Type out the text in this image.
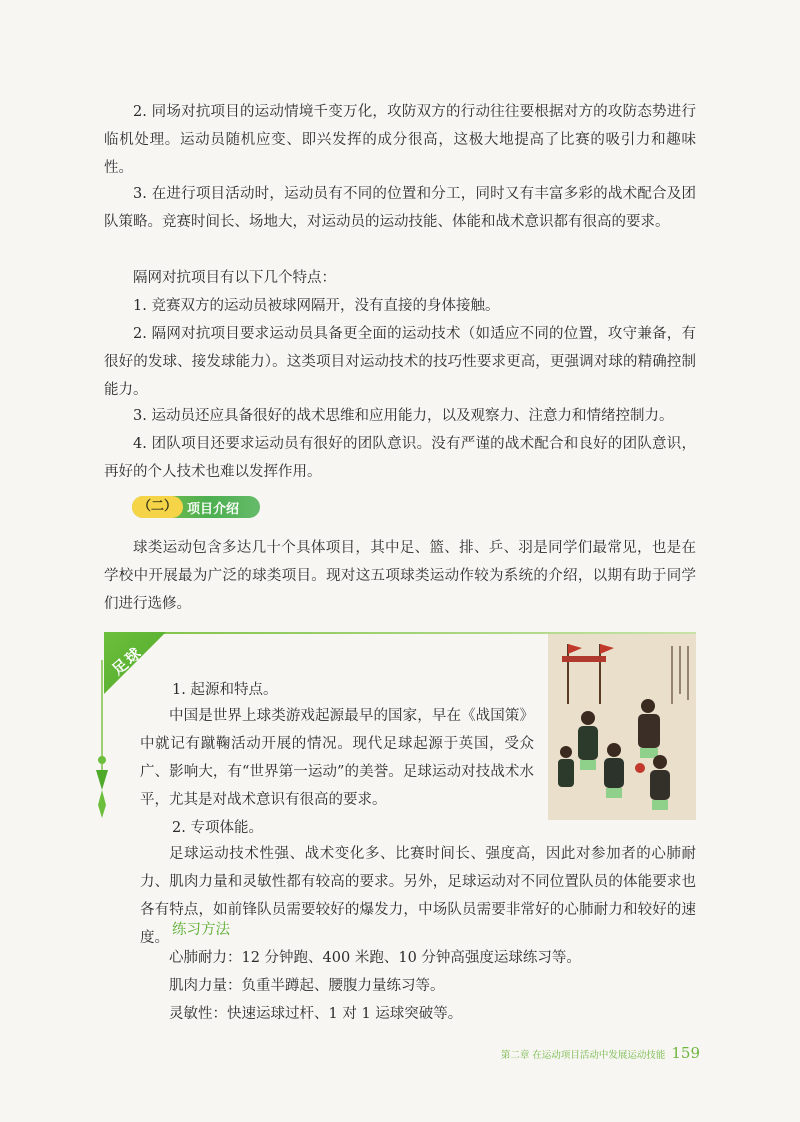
2. 同场对抗项目的运动情境千变万化，攻防双方的行动往往要根据对方的攻防态势进行临机处理。运动员随机应变、即兴发挥的成分很高，这极大地提高了比赛的吸引力和趣味性。

3. 在进行项目活动时，运动员有不同的位置和分工，同时又有丰富多彩的战术配合及团队策略。竞赛时间长、场地大，对运动员的运动技能、体能和战术意识都有很高的要求。

隔网对抗项目有以下几个特点：

1. 竞赛双方的运动员被球网隔开，没有直接的身体接触。

2. 隔网对抗项目要求运动员具备更全面的运动技术（如适应不同的位置，攻守兼备，有很好的发球、接发球能力）。这类项目对运动技术的技巧性要求更高，更强调对球的精确控制能力。

3. 运动员还应具备很好的战术思维和应用能力，以及观察力、注意力和情绪控制力。

4. 团队项目还要求运动员有很好的团队意识。没有严谨的战术配合和良好的团队意识，再好的个人技术也难以发挥作用。

（二） 项目介绍

球类运动包含多达几十个具体项目，其中足、篮、排、乒、羽是同学们最常见，也是在学校中开展最为广泛的球类项目。现对这五项球类运动作较为系统的介绍，以期有助于同学们进行选修。

足球

1. 起源和特点。

中国是世界上球类游戏起源最早的国家，早在《战国策》中就记有蹴鞠活动开展的情况。现代足球起源于英国，受众广、影响大，有“世界第一运动”的美誉。足球运动对技战术水平，尤其是对战术意识有很高的要求。

2. 专项体能。

足球运动技术性强、战术变化多、比赛时间长、强度高，因此对参加者的心肺耐力、肌肉力量和灵敏性都有较高的要求。另外，足球运动对不同位置队员的体能要求也各有特点，如前锋队员需要较好的爆发力，中场队员需要非常好的心肺耐力和较好的速度。 练习方法

心肺耐力：12 分钟跑、400 米跑、10 分钟高强度运球练习等。

肌肉力量：负重半蹲起、腰腹力量练习等。

灵敏性：快速运球过杆、1 对 1 运球突破等。

第二章 在运动项目活动中发展运动技能 159
